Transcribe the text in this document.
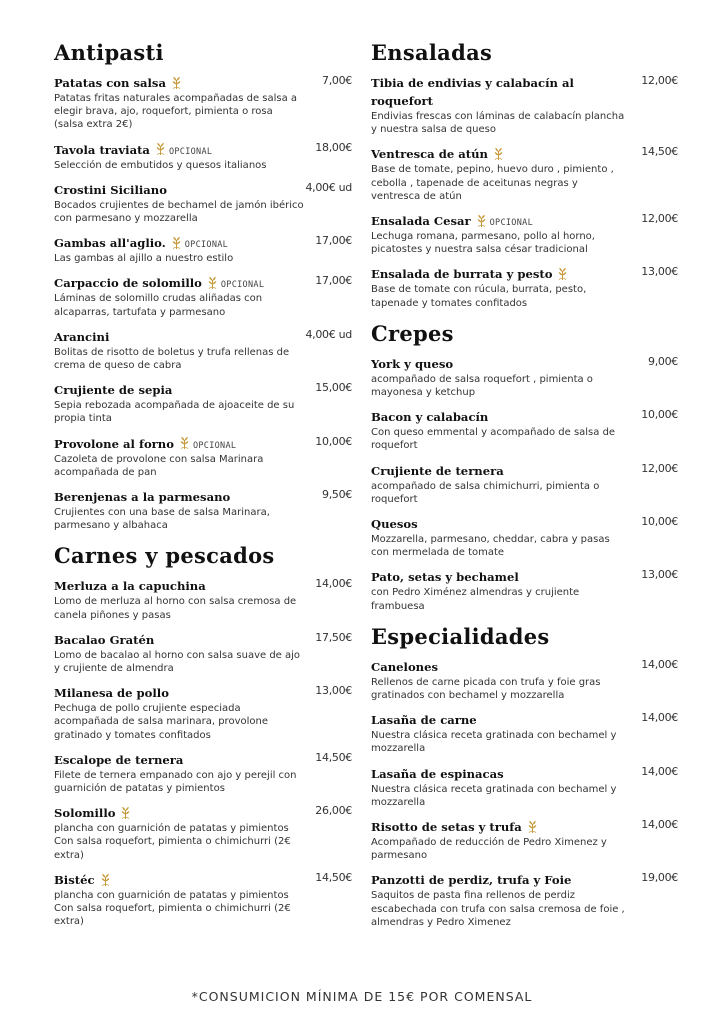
Antipasti
Patatas con salsa	7,00€
Patatas fritas naturales acompañadas de salsa a elegir brava, ajo, roquefort, pimienta o rosa (salsa extra 2€)
Tavola traviata OPCIONAL	18,00€
Selección de embutidos y quesos italianos
Crostini Siciliano	4,00€ ud
Bocados crujientes de bechamel de jamón ibérico con parmesano y mozzarella
Gambas all'aglio. OPCIONAL	17,00€
Las gambas al ajillo a nuestro estilo
Carpaccio de solomillo OPCIONAL	17,00€
Láminas de solomillo crudas aliñadas con alcaparras, tartufata y parmesano
Arancini	4,00€ ud
Bolitas de risotto de boletus y trufa rellenas de crema de queso de cabra
Crujiente de sepia	15,00€
Sepia rebozada acompañada de ajoaceite de su propia tinta
Provolone al forno OPCIONAL	10,00€
Cazoleta de provolone con salsa Marinara acompañada de pan
Berenjenas a la parmesano	9,50€
Crujientes con una base de salsa Marinara, parmesano y albahaca
Carnes y pescados
Merluza a la capuchina	14,00€
Lomo de merluza al horno con salsa cremosa de canela piñones y pasas
Bacalao Gratén	17,50€
Lomo de bacalao al horno con salsa suave de ajo y crujiente de almendra
Milanesa de pollo	13,00€
Pechuga de pollo crujiente especiada acompañada de salsa marinara, provolone gratinado y tomates confitados
Escalope de ternera	14,50€
Filete de ternera empanado con ajo y perejil con guarnición de patatas y pimientos
Solomillo	26,00€
plancha con guarnición de patatas y pimientos Con salsa roquefort, pimienta o chimichurri (2€ extra)
Bistéc	14,50€
plancha con guarnición de patatas y pimientos Con salsa roquefort, pimienta o chimichurri (2€ extra)
Ensaladas
Tibia de endivias y calabacín al roquefort
12,00€
Endivias frescas con láminas de calabacín plancha y nuestra salsa de queso
Ventresca de atún	14,50€
Base de tomate, pepino, huevo duro , pimiento , cebolla , tapenade de aceitunas negras y ventresca de atún
Ensalada Cesar OPCIONAL	12,00€
Lechuga romana, parmesano, pollo al horno, picatostes y nuestra salsa césar tradicional
Ensalada de burrata y pesto	13,00€
Base de tomate con rúcula, burrata, pesto, tapenade y tomates confitados
Crepes
York y queso	9,00€
acompañado de salsa roquefort , pimienta o mayonesa y ketchup
Bacon y calabacín	10,00€
Con queso emmental y acompañado de salsa de roquefort
Crujiente de ternera	12,00€
acompañado de salsa chimichurri, pimienta o roquefort
Quesos	10,00€
Mozzarella, parmesano, cheddar, cabra y pasas con mermelada de tomate
Pato, setas y bechamel	13,00€
con Pedro Ximénez almendras y crujiente frambuesa
Especialidades
Canelones	14,00€
Rellenos de carne picada con trufa y foie gras gratinados con bechamel y mozzarella
Lasaña de carne	14,00€
Nuestra clásica receta gratinada con bechamel y mozzarella
Lasaña de espinacas	14,00€
Nuestra clásica receta gratinada con bechamel y mozzarella
Risotto de setas y trufa	14,00€
Acompañado de reducción de Pedro Ximenez y parmesano
Panzotti de perdiz, trufa y Foie	19,00€
Saquitos de pasta fina rellenos de perdiz escabechada con trufa con salsa cremosa de foie , almendras y Pedro Ximenez
*CONSUMICION MÍNIMA DE 15€ POR COMENSAL
